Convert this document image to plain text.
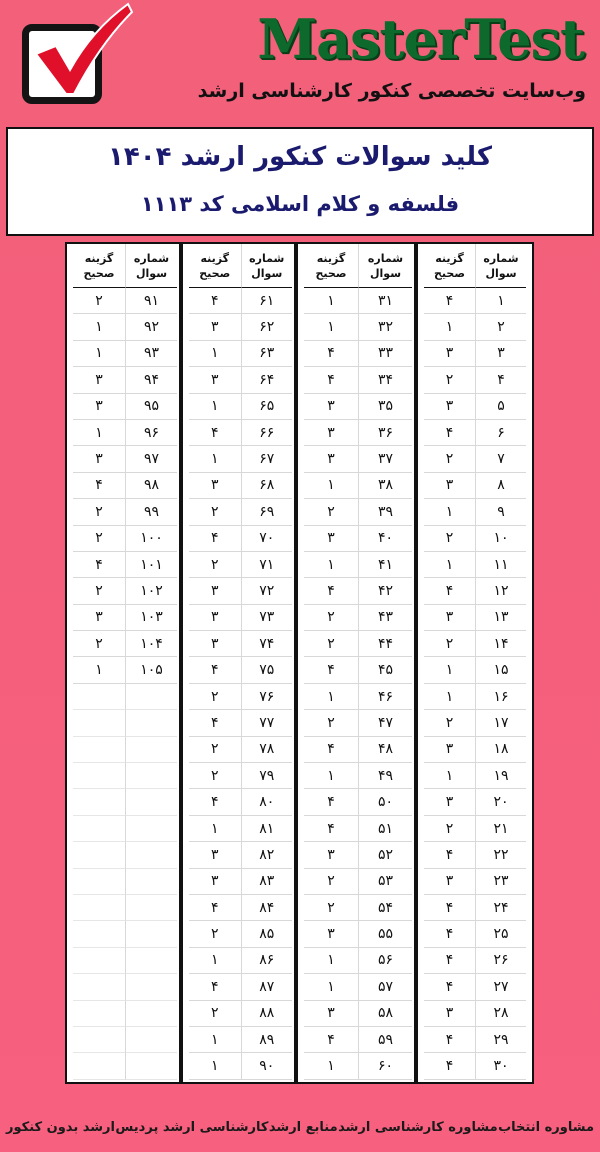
MasterTest

وب‌سایت تخصصی کنکور کارشناسی ارشد

کلید سوالات کنکور ارشد ۱۴۰۴
فلسفه و کلام اسلامی کد ۱۱۱۳
شماره سوال
گزینه صحیح
۱
۴
۲
۱
۳
۳
۴
۲
۵
۳
۶
۴
۷
۲
۸
۳
۹
۱
۱۰
۲
۱۱
۱
۱۲
۴
۱۳
۳
۱۴
۲
۱۵
۱
۱۶
۱
۱۷
۲
۱۸
۳
۱۹
۱
۲۰
۳
۲۱
۲
۲۲
۴
۲۳
۳
۲۴
۴
۲۵
۴
۲۶
۴
۲۷
۴
۲۸
۳
۲۹
۴
۳۰
۴
شماره سوال
گزینه صحیح
۳۱
۱
۳۲
۱
۳۳
۴
۳۴
۴
۳۵
۳
۳۶
۳
۳۷
۳
۳۸
۱
۳۹
۲
۴۰
۳
۴۱
۱
۴۲
۴
۴۳
۲
۴۴
۲
۴۵
۴
۴۶
۱
۴۷
۲
۴۸
۴
۴۹
۱
۵۰
۴
۵۱
۴
۵۲
۳
۵۳
۲
۵۴
۲
۵۵
۳
۵۶
۱
۵۷
۱
۵۸
۳
۵۹
۴
۶۰
۱
شماره سوال
گزینه صحیح
۶۱
۴
۶۲
۳
۶۳
۱
۶۴
۳
۶۵
۱
۶۶
۴
۶۷
۱
۶۸
۳
۶۹
۲
۷۰
۴
۷۱
۲
۷۲
۳
۷۳
۳
۷۴
۳
۷۵
۴
۷۶
۲
۷۷
۴
۷۸
۲
۷۹
۲
۸۰
۴
۸۱
۱
۸۲
۳
۸۳
۳
۸۴
۴
۸۵
۲
۸۶
۱
۸۷
۴
۸۸
۲
۸۹
۱
۹۰
۱
شماره سوال
گزینه صحیح
۹۱
۲
۹۲
۱
۹۳
۱
۹۴
۳
۹۵
۳
۹۶
۱
۹۷
۳
۹۸
۴
۹۹
۲
۱۰۰
۲
۱۰۱
۴
۱۰۲
۲
۱۰۳
۳
۱۰۴
۲
۱۰۵
۱
ارشد بدون کنکور کارشناسی ارشد پردیس منابع ارشد مشاوره کارشناسی ارشد مشاوره انتخاب
